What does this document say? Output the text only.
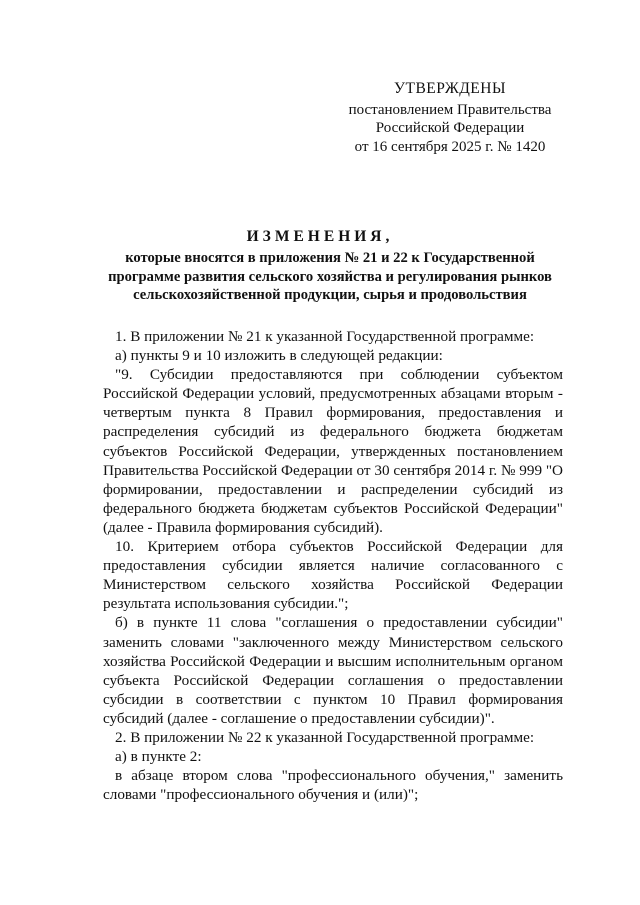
УТВЕРЖДЕНЫ
постановлением Правительства
Российской Федерации
от 16 сентября 2025 г. № 1420
ИЗМЕНЕНИЯ,
которые вносятся в приложения № 21 и 22 к Государственной программе развития сельского хозяйства и регулирования рынков сельскохозяйственной продукции, сырья и продовольствия

1. В приложении № 21 к указанной Государственной программе:

а) пункты 9 и 10 изложить в следующей редакции:

"9. Субсидии предоставляются при соблюдении субъектом Российской Федерации условий, предусмотренных абзацами вторым - четвертым пункта 8 Правил формирования, предоставления и распределения субсидий из федерального бюджета бюджетам субъектов Российской Федерации, утвержденных постановлением Правительства Российской Федерации от 30 сентября 2014 г. № 999 "О формировании, предоставлении и распределении субсидий из федерального бюджета бюджетам субъектов Российской Федерации" (далее - Правила формирования субсидий).

10. Критерием отбора субъектов Российской Федерации для предоставления субсидии является наличие согласованного с Министерством сельского хозяйства Российской Федерации результата использования субсидии.";

б) в пункте 11 слова "соглашения о предоставлении субсидии" заменить словами "заключенного между Министерством сельского хозяйства Российской Федерации и высшим исполнительным органом субъекта Российской Федерации соглашения о предоставлении субсидии в соответствии с пунктом 10 Правил формирования субсидий (далее - соглашение о предоставлении субсидии)".

2. В приложении № 22 к указанной Государственной программе:

а) в пункте 2:

в абзаце втором слова "профессионального обучения," заменить словами "профессионального обучения и (или)";
